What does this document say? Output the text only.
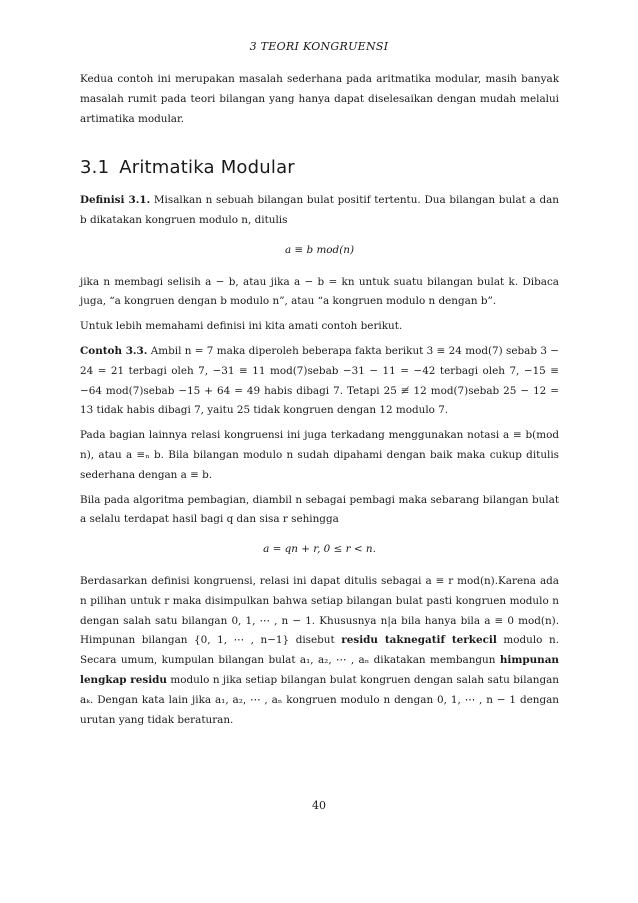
3 TEORI KONGRUENSI

Kedua contoh ini merupakan masalah sederhana pada aritmatika modular, masih banyak masalah rumit pada teori bilangan yang hanya dapat diselesaikan dengan mudah melalui artimatika modular.

3.1 Aritmatika Modular

Definisi 3.1. Misalkan n sebuah bilangan bulat positif tertentu. Dua bilangan bulat a dan b dikatakan kongruen modulo n, ditulis

a ≡ b mod(n)

jika n membagi selisih a − b, atau jika a − b = kn untuk suatu bilangan bulat k. Dibaca juga, “a kongruen dengan b modulo n”, atau “a kongruen modulo n dengan b”.

Untuk lebih memahami definisi ini kita amati contoh berikut.

Contoh 3.3. Ambil n = 7 maka diperoleh beberapa fakta berikut 3 ≡ 24 mod(7) sebab 3 − 24 = 21 terbagi oleh 7, −31 ≡ 11 mod(7)sebab −31 − 11 = −42 terbagi oleh 7, −15 ≡ −64 mod(7)sebab −15 + 64 = 49 habis dibagi 7. Tetapi 25 ≢ 12 mod(7)sebab 25 − 12 = 13 tidak habis dibagi 7, yaitu 25 tidak kongruen dengan 12 modulo 7.

Pada bagian lainnya relasi kongruensi ini juga terkadang menggunakan notasi a ≡ b(mod n), atau a ≡ₙ b. Bila bilangan modulo n sudah dipahami dengan baik maka cukup ditulis sederhana dengan a ≡ b.

Bila pada algoritma pembagian, diambil n sebagai pembagi maka sebarang bilangan bulat a selalu terdapat hasil bagi q dan sisa r sehingga

a = qn + r, 0 ≤ r < n.

Berdasarkan definisi kongruensi, relasi ini dapat ditulis sebagai a ≡ r mod(n).Karena ada n pilihan untuk r maka disimpulkan bahwa setiap bilangan bulat pasti kongruen modulo n dengan salah satu bilangan 0, 1, ⋯ , n − 1. Khususnya n|a bila hanya bila a ≡ 0 mod(n). Himpunan bilangan {0, 1, ⋯ , n−1} disebut residu taknegatif terkecil modulo n. Secara umum, kumpulan bilangan bulat a₁, a₂, ⋯ , aₙ dikatakan membangun himpunan lengkap residu modulo n jika setiap bilangan bulat kongruen dengan salah satu bilangan aₖ. Dengan kata lain jika a₁, a₂, ⋯ , aₙ kongruen modulo n dengan 0, 1, ⋯ , n − 1 dengan urutan yang tidak beraturan.

40
